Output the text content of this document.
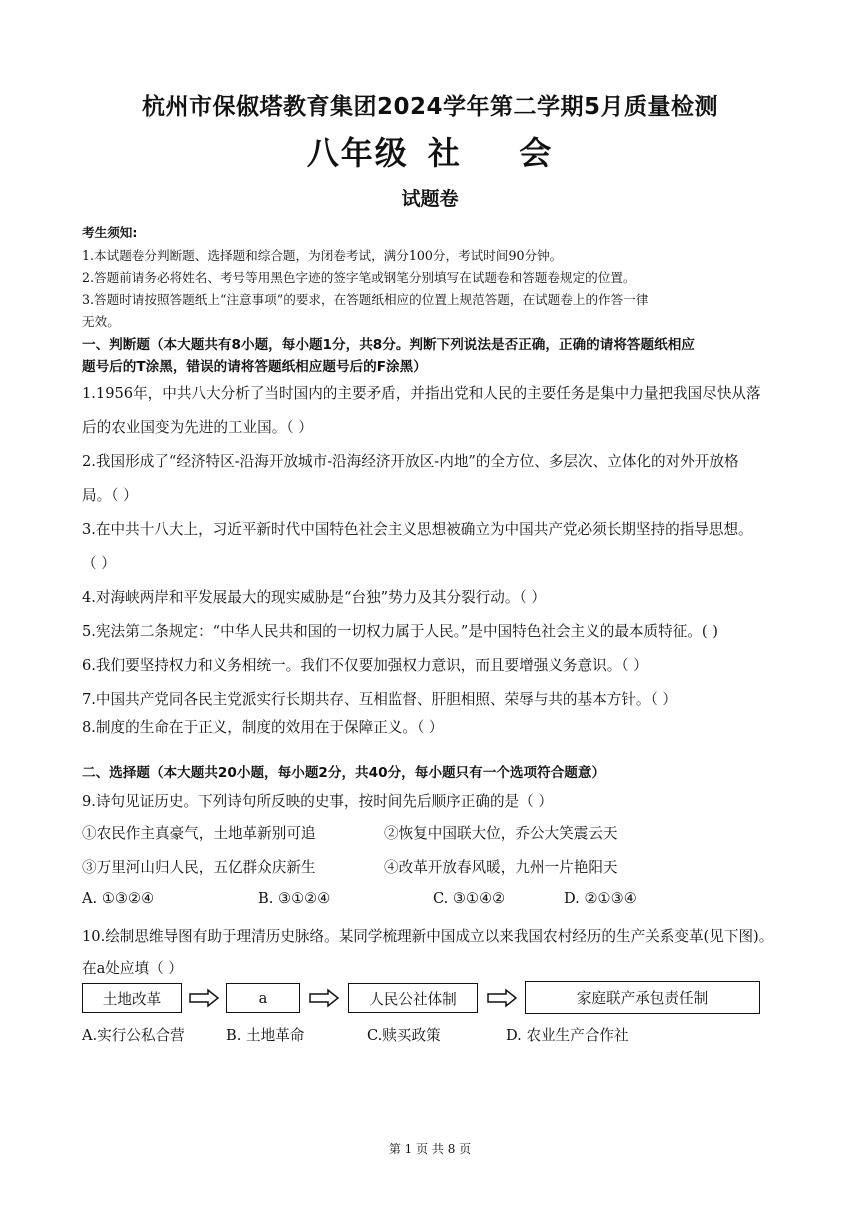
杭州市保俶塔教育集团2024学年第二学期5月质量检测
八年级 社   会
试题卷
考生须知:
1.本试题卷分判断题、选择题和综合题，为闭卷考试，满分100分，考试时间90分钟。
2.答题前请务必将姓名、考号等用黑色字迹的签字笔或钢笔分别填写在试题卷和答题卷规定的位置。
3.答题时请按照答题纸上“注意事项”的要求，在答题纸相应的位置上规范答题，在试题卷上的作答一律
无效。
一、判断题（本大题共有8小题，每小题1分，共8分。判断下列说法是否正确，正确的请将答题纸相应
题号后的T涂黑，错误的请将答题纸相应题号后的F涂黑）
1.1956年，中共八大分析了当时国内的主要矛盾，并指出党和人民的主要任务是集中力量把我国尽快从落
后的农业国变为先进的工业国。（ ）
2.我国形成了“经济特区-沿海开放城市-沿海经济开放区-内地”的全方位、多层次、立体化的对外开放格
局。（ ）
3.在中共十八大上，习近平新时代中国特色社会主义思想被确立为中国共产党必须长期坚持的指导思想。
（ ）
4.对海峡两岸和平发展最大的现实威胁是“台独”势力及其分裂行动。（ ）
5.宪法第二条规定：“中华人民共和国的一切权力属于人民。”是中国特色社会主义的最本质特征。( )
6.我们要坚持权力和义务相统一。我们不仅要加强权力意识，而且要增强义务意识。（ ）
7.中国共产党同各民主党派实行长期共存、互相监督、肝胆相照、荣辱与共的基本方针。（ ）
8.制度的生命在于正义，制度的效用在于保障正义。（ ）
二、选择题（本大题共20小题，每小题2分，共40分，每小题只有一个选项符合题意）
9.诗句见证历史。下列诗句所反映的史事，按时间先后顺序正确的是（ ）
①农民作主真豪气，土地革新别可追	②恢复中国联大位，乔公大笑震云天
③万里河山归人民，五亿群众庆新生	④改革开放春风暖，九州一片艳阳天
A. ①③②④	B. ③①②④	C. ③①④②	D. ②①③④
10.绘制思维导图有助于理清历史脉络。某同学梳理新中国成立以来我国农村经历的生产关系变革(见下图)。
在a处应填（ ）
土地改革	a	人民公社体制	家庭联产承包责任制
A.实行公私合营	B. 土地革命	C.赎买政策	D. 农业生产合作社
第 1 页 共 8 页
